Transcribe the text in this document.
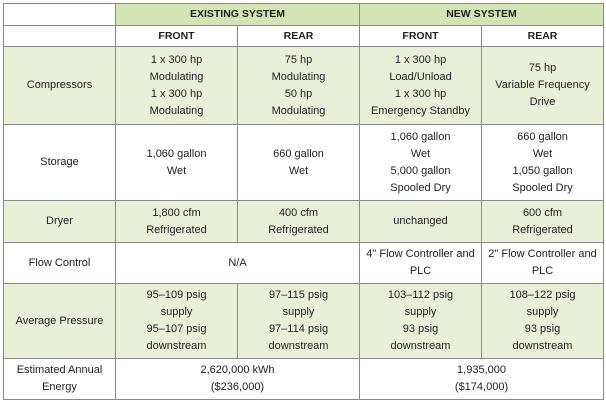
	EXISTING SYSTEM		NEW SYSTEM	
	FRONT	REAR	FRONT	REAR
Compressors	1 x 300 hp
Modulating
1 x 300 hp
Modulating	75 hp
Modulating
50 hp
Modulating	1 x 300 hp
Load/Unload
1 x 300 hp
Emergency Standby	75 hp
Variable Frequency
Drive

Storage	1,060 gallon
Wet	660 gallon
Wet	1,060 gallon
Wet
5,000 gallon
Spooled Dry	660 gallon
Wet
1,050 gallon
Spooled Dry

Dryer	1,800 cfm
Refrigerated	400 cfm
Refrigerated	unchanged	600 cfm
Refrigerated

Flow Control	N/A		4" Flow Controller and
PLC	2" Flow Controller and
PLC

Average Pressure	95–109 psig
supply
95–107 psig
downstream	97–115 psig
supply
97–114 psig
downstream	103–112 psig
supply
93 psig
downstream	108–122 psig
supply
93 psig
downstream

Estimated Annual
Energy	2,620,000 kWh
($236,000)		1,935,000
($174,000)	
